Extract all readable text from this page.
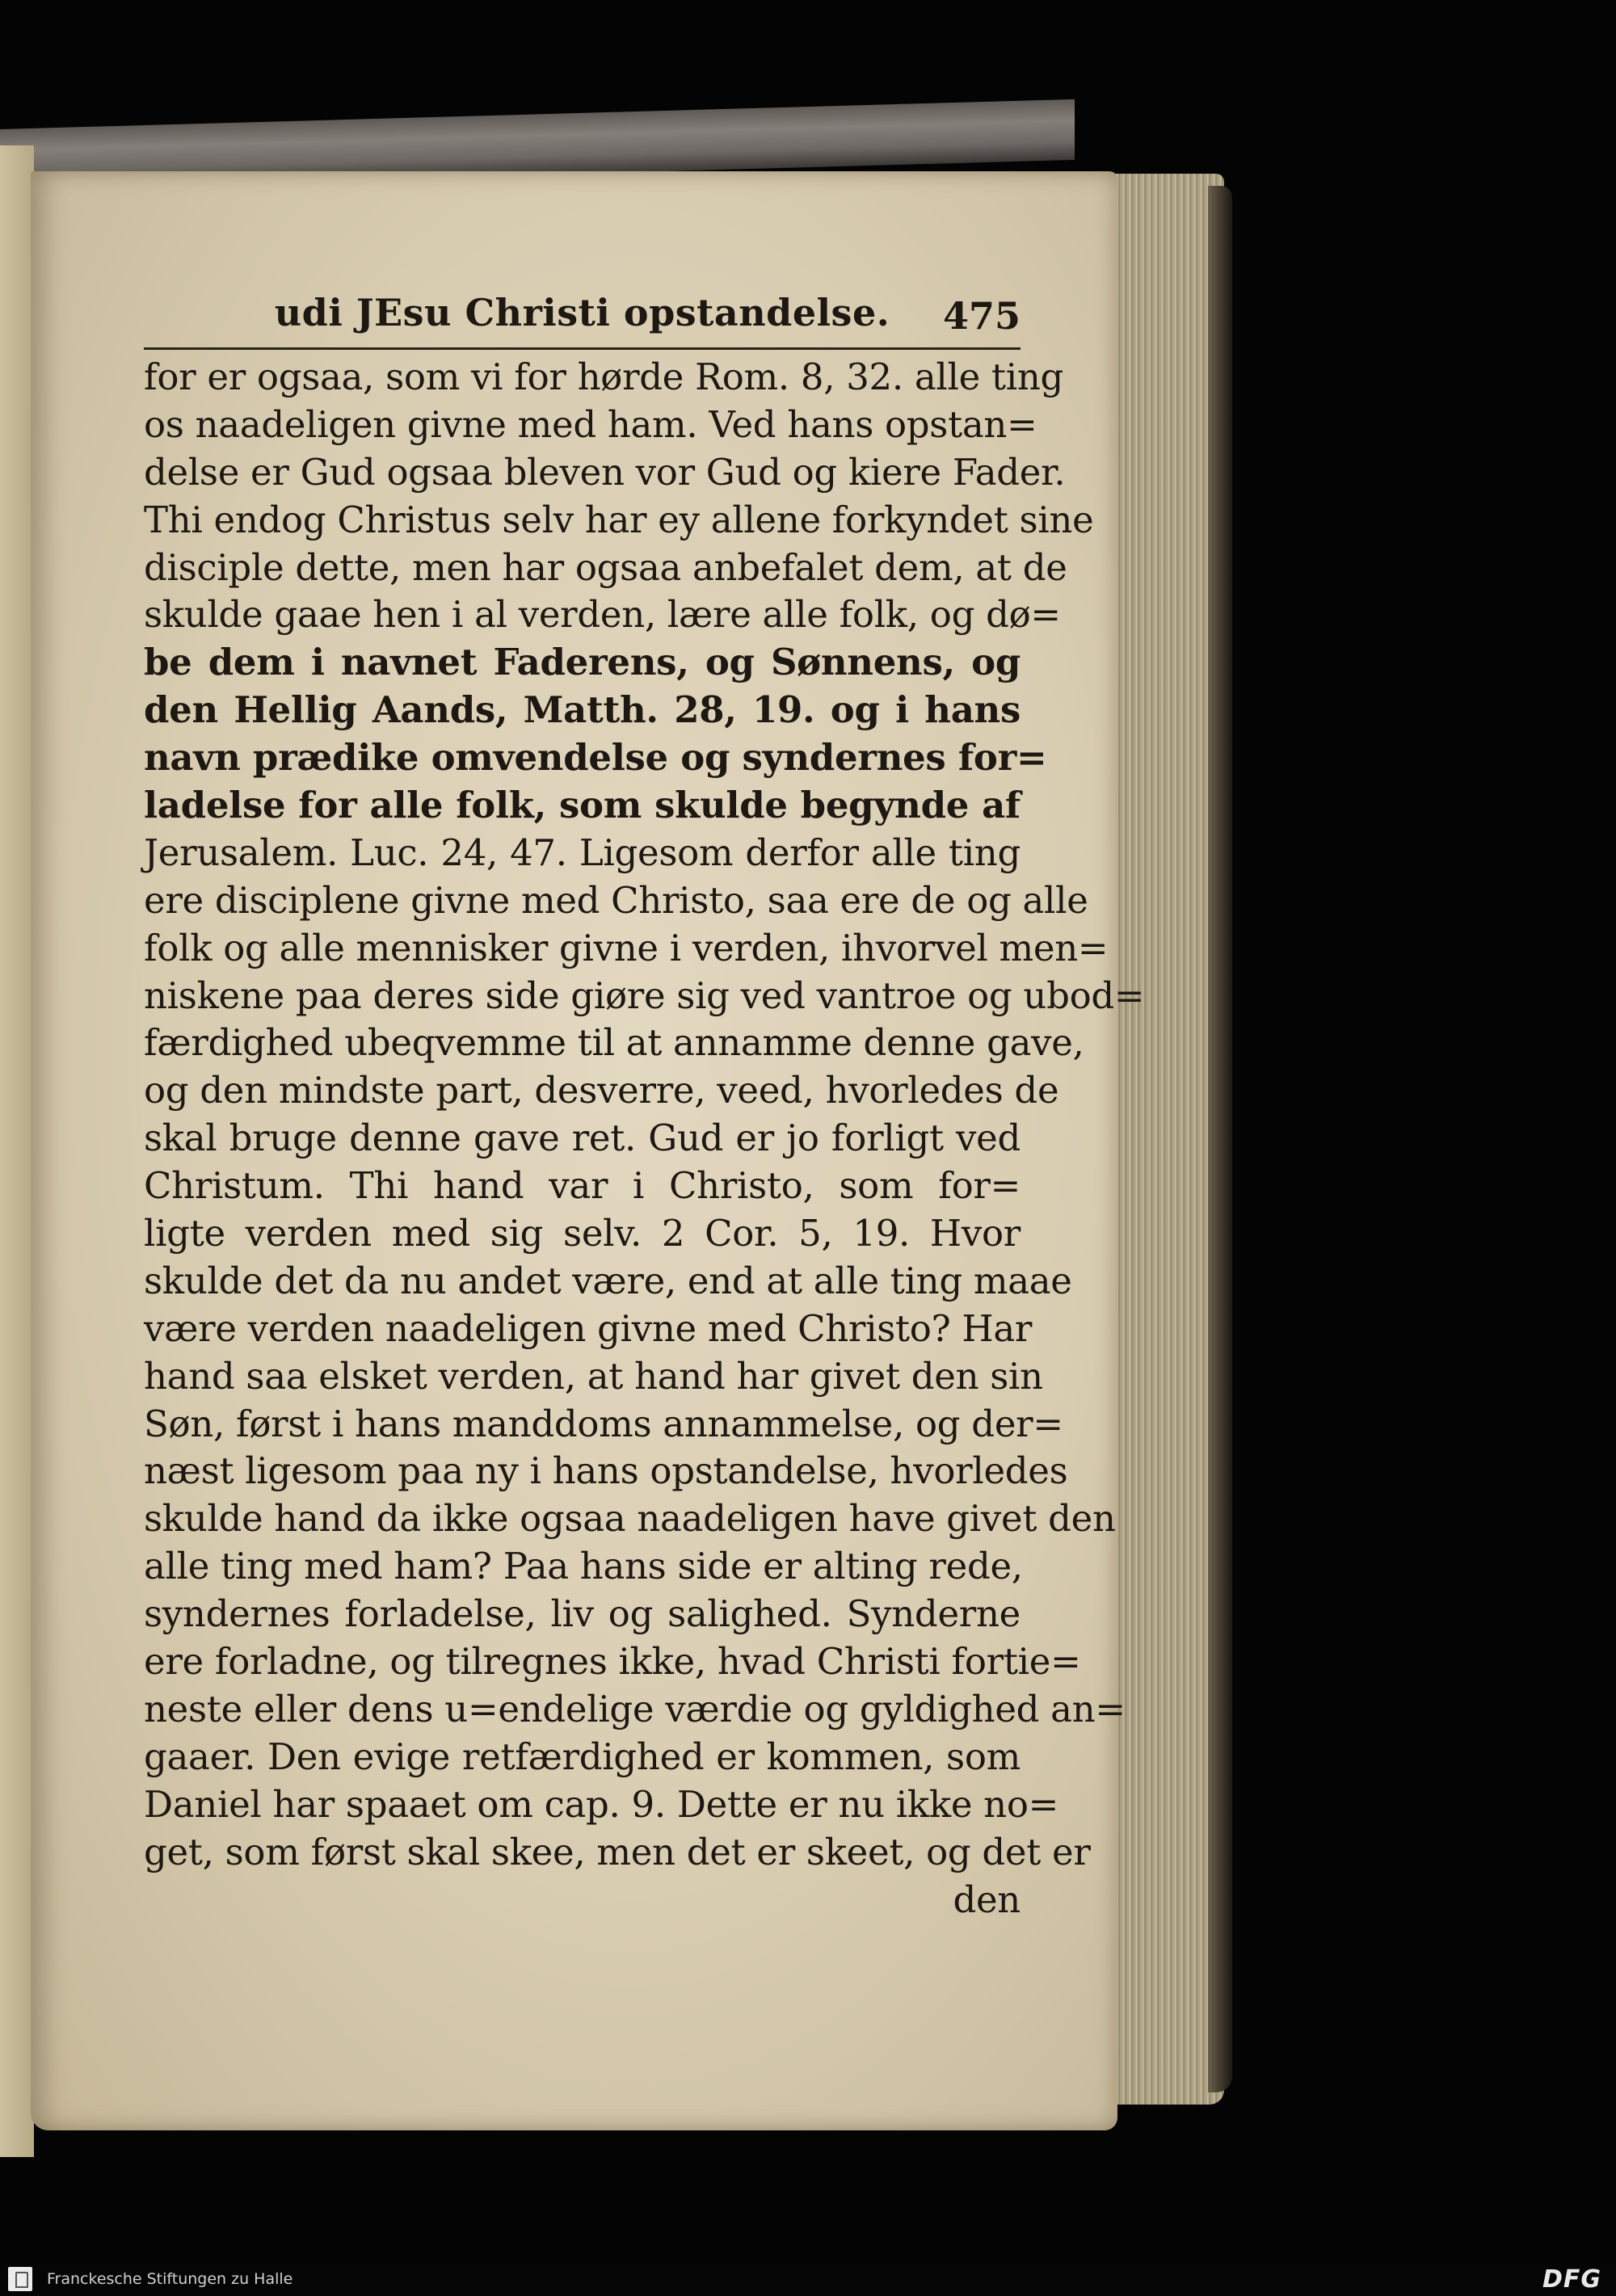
udi JEsu Christi opstandelse.	475
for er ogsaa, som vi for hørde Rom. 8, 32. alle ting
os naadeligen givne med ham. Ved hans opstan=
delse er Gud ogsaa bleven vor Gud og kiere Fader.
Thi endog Christus selv har ey allene forkyndet sine
disciple dette, men har ogsaa anbefalet dem, at de
skulde gaae hen i al verden, lære alle folk, og dø=
be dem i navnet Faderens, og Sønnens, og
den Hellig Aands, Matth. 28, 19. og i hans
navn prædike omvendelse og syndernes for=
ladelse for alle folk, som skulde begynde af
Jerusalem. Luc. 24, 47. Ligesom derfor alle ting
ere disciplene givne med Christo, saa ere de og alle
folk og alle mennisker givne i verden, ihvorvel men=
niskene paa deres side giøre sig ved vantroe og ubod=
færdighed ubeqvemme til at annamme denne gave,
og den mindste part, desverre, veed, hvorledes de
skal bruge denne gave ret. Gud er jo forligt ved
Christum. Thi hand var i Christo, som for=
ligte verden med sig selv. 2 Cor. 5, 19. Hvor
skulde det da nu andet være, end at alle ting maae
være verden naadeligen givne med Christo? Har
hand saa elsket verden, at hand har givet den sin
Søn, først i hans manddoms annammelse, og der=
næst ligesom paa ny i hans opstandelse, hvorledes
skulde hand da ikke ogsaa naadeligen have givet den
alle ting med ham? Paa hans side er alting rede,
syndernes forladelse, liv og salighed. Synderne
ere forladne, og tilregnes ikke, hvad Christi fortie=
neste eller dens u=endelige værdie og gyldighed an=
gaaer. Den evige retfærdighed er kommen, som
Daniel har spaaet om cap. 9. Dette er nu ikke no=
get, som først skal skee, men det er skeet, og det er
den
Franckesche Stiftungen zu Halle	DFG
